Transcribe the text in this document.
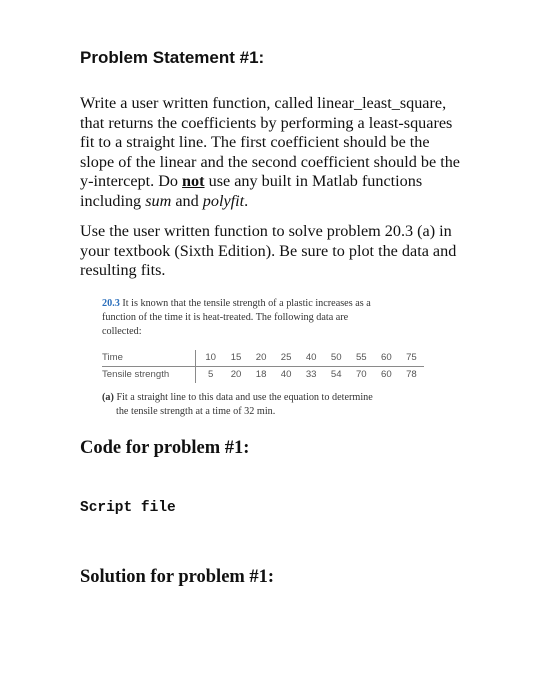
Problem Statement #1:
Write a user written function, called linear_least_square,
that returns the coefficients by performing a least-squares
fit to a straight line. The first coefficient should be the
slope of the linear and the second coefficient should be the
y-intercept. Do not use any built in Matlab functions
including sum and polyfit.
Use the user written function to solve problem 20.3 (a) in
your textbook (Sixth Edition). Be sure to plot the data and
resulting fits.
20.3 It is known that the tensile strength of a plastic increases as a
function of the time it is heat-treated. The following data are
collected:
Time	10	15	20	25	40	50	55	60	75
Tensile strength	5	20	18	40	33	54	70	60	78
(a) Fit a straight line to this data and use the equation to determine
the tensile strength at a time of 32 min.
Code for problem #1:
Script file
Solution for problem #1:
